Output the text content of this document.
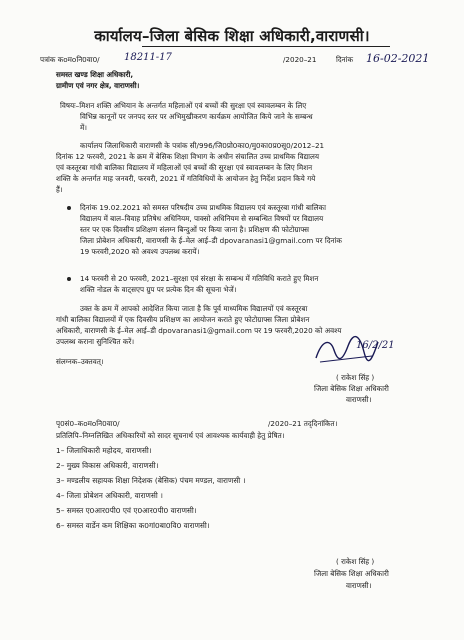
कार्यालय–जिला बेसिक शिक्षा अधिकारी,वाराणसी।
पत्रांक कoमoनि0वा0/ 18211-17	/2020–21	दिनांक 16-02-2021
समस्त खण्ड शिक्षा अधिकारी,
ग्रामीण एवं नगर क्षेत्र, वाराणसी।
विषयः–मिशन शक्ति अभियान के अन्तर्गत महिलाओं एवं बच्चों की सुरक्षा एवं स्वावलम्बन के लिए
विभिन्न कानूनों पर जनपद स्तर पर अभिमुखीकरण कार्यक्रम आयोजित किये जाने के सम्बन्ध
में।
कार्यालय जिलाधिकारी वाराणसी के पत्रांक सी/996/जि0प्रो0का0/मु0का0प्र0सू0/2012–21
दिनांक 12 फरवरी, 2021 के क्रम में बेसिक शिक्षा विभाग के अधीन संचालित उच्च प्राथमिक विद्यालय
एवं कस्तूरबा गांधी बालिका विद्यालय में महिलाओं एवं बच्चों की सुरक्षा एवं स्वावलम्बन के लिए मिशन
शक्ति के अन्तर्गत माह जनवरी, फरवरी, 2021 में गतिविधियों के आयोजन हेतु निर्देश प्रदान किये गये
हैं।
दिनांक 19.02.2021 को समस्त परिषदीय उच्च प्राथमिक विद्यालय एवं कस्तूरबा गांधी बालिका
विद्यालय में बाल–विवाह प्रतिषेध अधिनियम, पाक्सो अधिनियम से सम्बन्धित विषयों पर विद्यालय
स्तर पर एक दिवसीय प्रशिक्षण संलग्न बिन्दुओं पर किया जाना है। प्रशिक्षण की फोटोग्राफ्स
जिला प्रोबेशन अधिकारी, वाराणसी के ई–मेल आई–डी dpovaranasi1@gmail.com पर दिनांक
19 फरवरी,2020 को अवश्य उपलब्ध करायें।
14 फरवरी से 20 फरवरी, 2021–सुरक्षा एवं संरक्षा के सम्बन्ध में गतिविधि कराते हुए मिशन
शक्ति नोडल के वाट्सएप ग्रुप पर प्रत्येक दिन की सूचना भेजें।
उक्त के क्रम में आपको आदेशित किया जाता है कि पूर्व माध्यमिक विद्यालयों एवं कस्तूरबा
गांधी बालिका विद्यालयों में एक दिवसीय प्रशिक्षण का आयोजन कराते हुए फोटोग्राफ्स जिला प्रोबेशन
अधिकारी, वाराणसी के ई–मेल आई–डी dpovaranasi1@gmail.com पर 19 फरवरी,2020 को अवश्य
उपलब्ध कराना सुनिश्चित करें।
संलग्नक–उक्तवत्।
16/2/21
( राकेश सिंह )
जिला बेसिक शिक्षा अधिकारी
वाराणसी।
पृ0सं0–कoमoनि0वा0/	/2020–21 तद्‌दिनांकित।
प्रतिलिपि–निम्नलिखित अधिकारियों को सादर सूचनार्थ एवं आवश्यक कार्यवाही हेतु प्रेषित।
1– जिलाधिकारी महोदय, वाराणसी।
2– मुख्य विकास अधिकारी, वाराणसी।
3– मण्डलीय सहायक शिक्षा निदेशक (बेसिक) पंचम मण्डल, वाराणसी ।
4– जिला प्रोबेशन अधिकारी, वाराणसी ।
5– समस्त ए0आर0पी0 एवं ए0आर0पी0 वाराणसी।
6– समस्त वार्डेन कम शिक्षिका क0गां0बा0वि0 वाराणसी।
( राकेश सिंह )
जिला बेसिक शिक्षा अधिकारी
वाराणसी।
